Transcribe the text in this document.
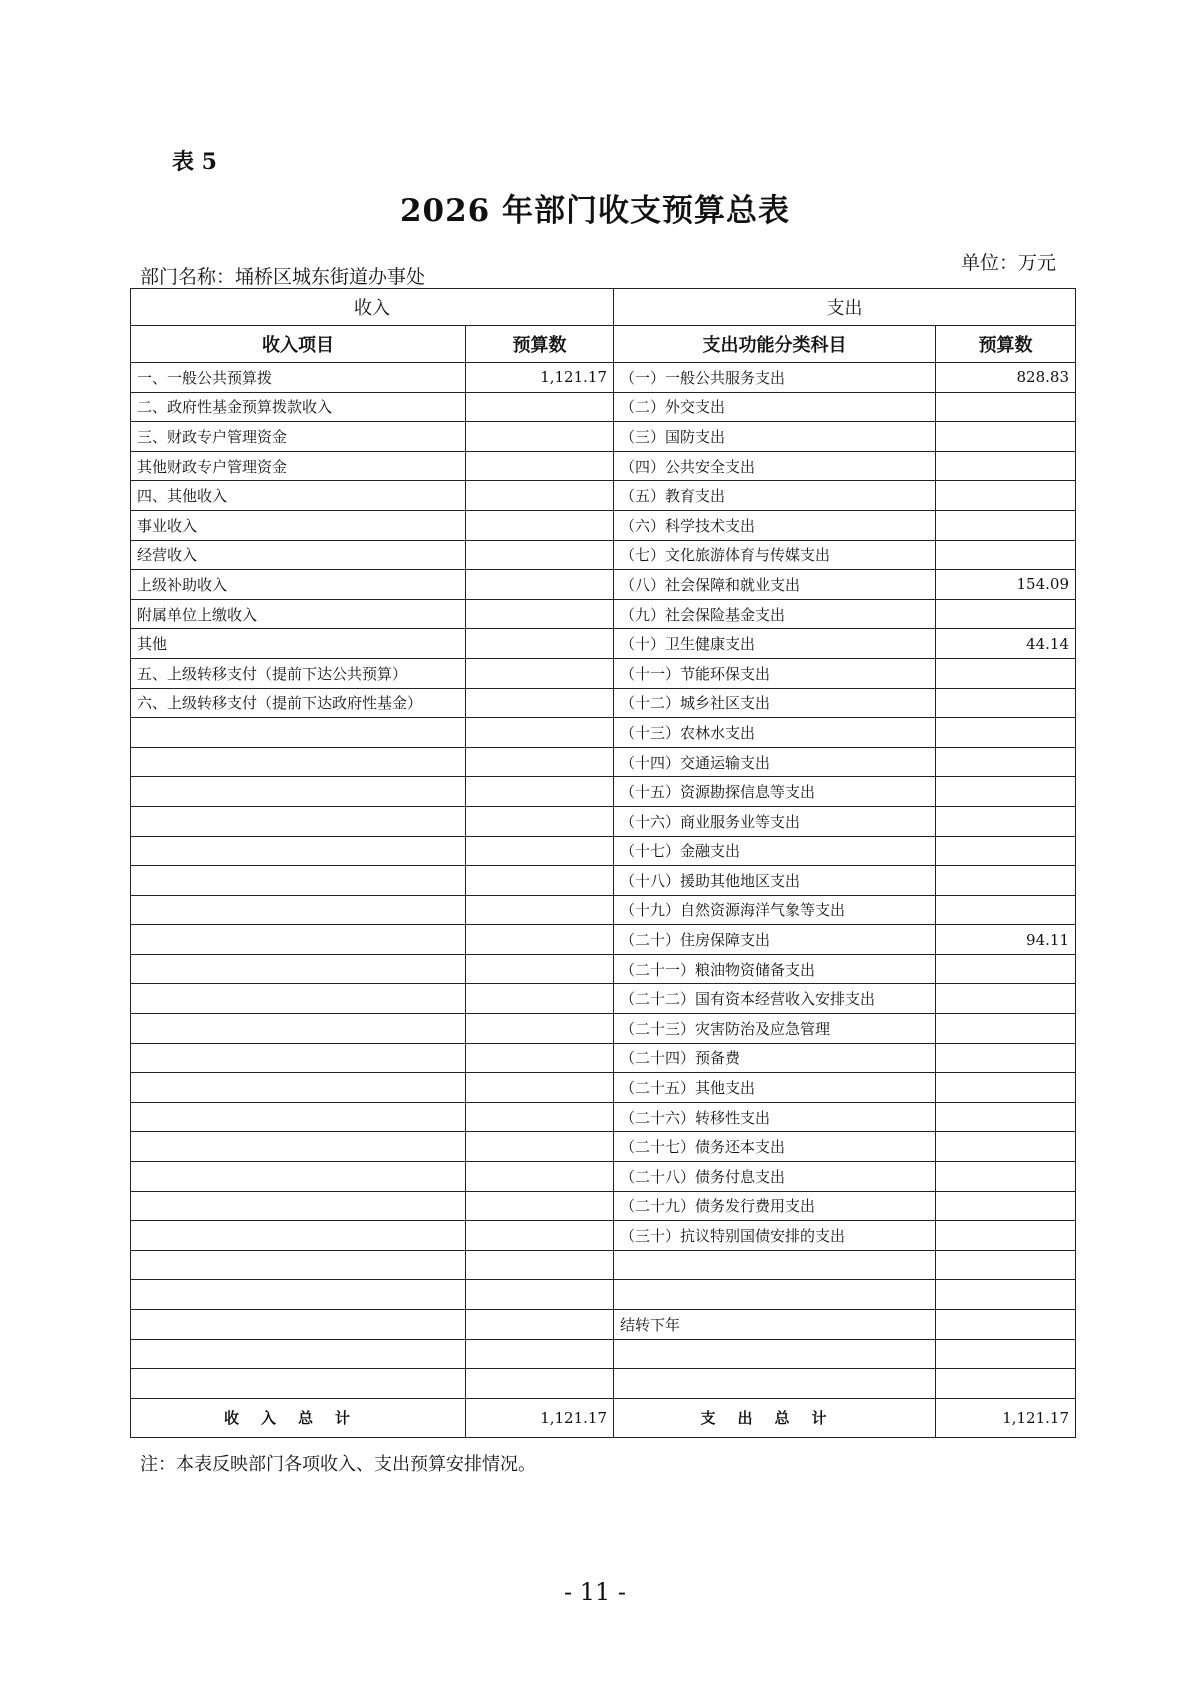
表 5
2026 年部门收支预算总表
单位：万元
部门名称：埇桥区城东街道办事处
收入		支出	
收入项目	预算数	支出功能分类科目	预算数
一、一般公共预算拨	1,121.17	（一）一般公共服务支出	828.83
二、政府性基金预算拨款收入		（二）外交支出	
三、财政专户管理资金		（三）国防支出	
其他财政专户管理资金		（四）公共安全支出	
四、其他收入		（五）教育支出	
事业收入		（六）科学技术支出	
经营收入		（七）文化旅游体育与传媒支出	
上级补助收入		（八）社会保障和就业支出	154.09
附属单位上缴收入		（九）社会保险基金支出	
其他		（十）卫生健康支出	44.14
五、上级转移支付（提前下达公共预算）		（十一）节能环保支出	
六、上级转移支付（提前下达政府性基金）		（十二）城乡社区支出	
		（十三）农林水支出	
		（十四）交通运输支出	
		（十五）资源勘探信息等支出	
		（十六）商业服务业等支出	
		（十七）金融支出	
		（十八）援助其他地区支出	
		（十九）自然资源海洋气象等支出	
		（二十）住房保障支出	94.11
		（二十一）粮油物资储备支出	
		（二十二）国有资本经营收入安排支出	
		（二十三）灾害防治及应急管理	
		（二十四）预备费	
		（二十五）其他支出	
		（二十六）转移性支出	
		（二十七）债务还本支出	
		（二十八）债务付息支出	
		（二十九）债务发行费用支出	
		（三十）抗议特别国债安排的支出	

		结转下年	

收入总计	1,121.17	支出总计	1,121.17
注：本表反映部门各项收入、支出预算安排情况。
- 11 -
